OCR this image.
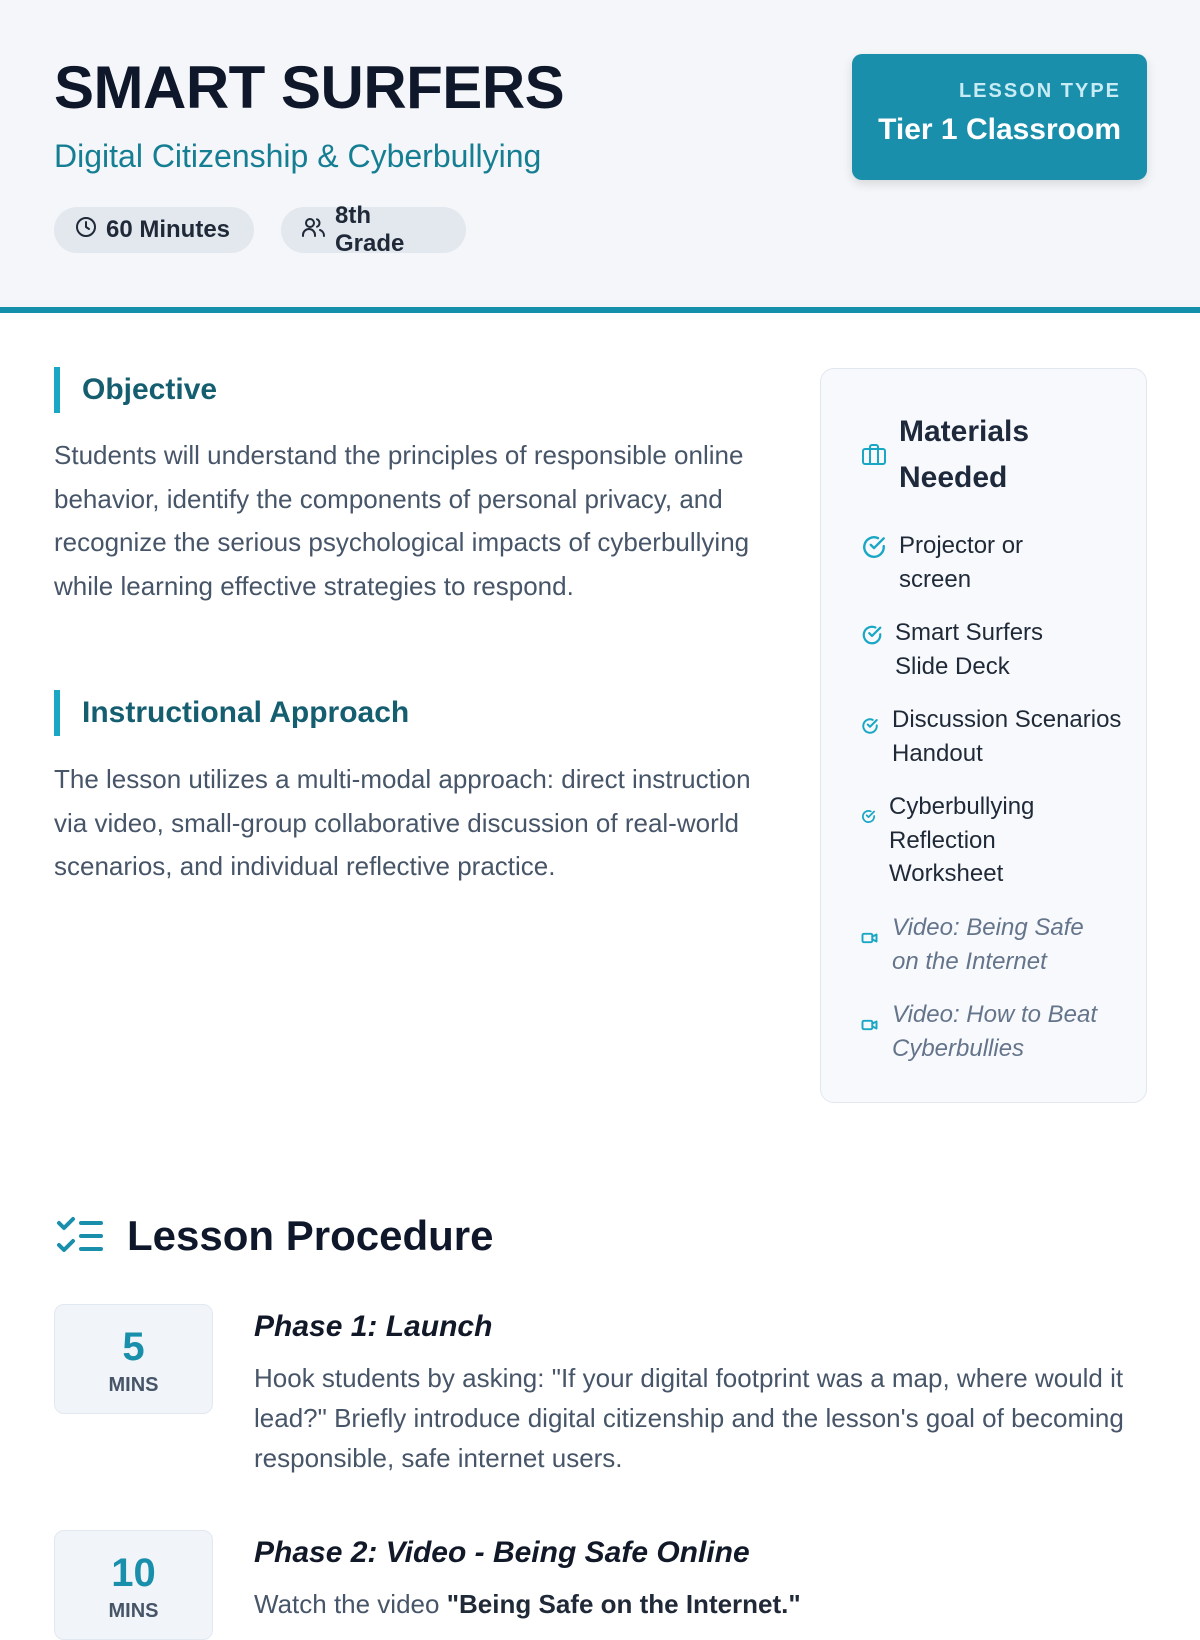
SMART SURFERS
Digital Citizenship & Cyberbullying
60 Minutes
8th Grade
LESSON TYPE
Tier 1 Classroom
Objective
Students will understand the principles of responsible online behavior, identify the components of personal privacy, and recognize the serious psychological impacts of cyberbullying while learning effective strategies to respond.
Instructional Approach
The lesson utilizes a multi-modal approach: direct instruction via video, small-group collaborative discussion of real-world scenarios, and individual reflective practice.
Materials
Needed
Projector or screen
Smart Surfers Slide Deck
Discussion Scenarios Handout
Cyberbullying Reflection Worksheet
Video: Being Safe on the Internet
Video: How to Beat Cyberbullies
Lesson Procedure
5
MINS
Phase 1: Launch
Hook students by asking: "If your digital footprint was a map, where would it lead?" Briefly introduce digital citizenship and the lesson's goal of becoming responsible, safe internet users.
10
MINS
Phase 2: Video - Being Safe Online
Watch the video "Being Safe on the Internet."
